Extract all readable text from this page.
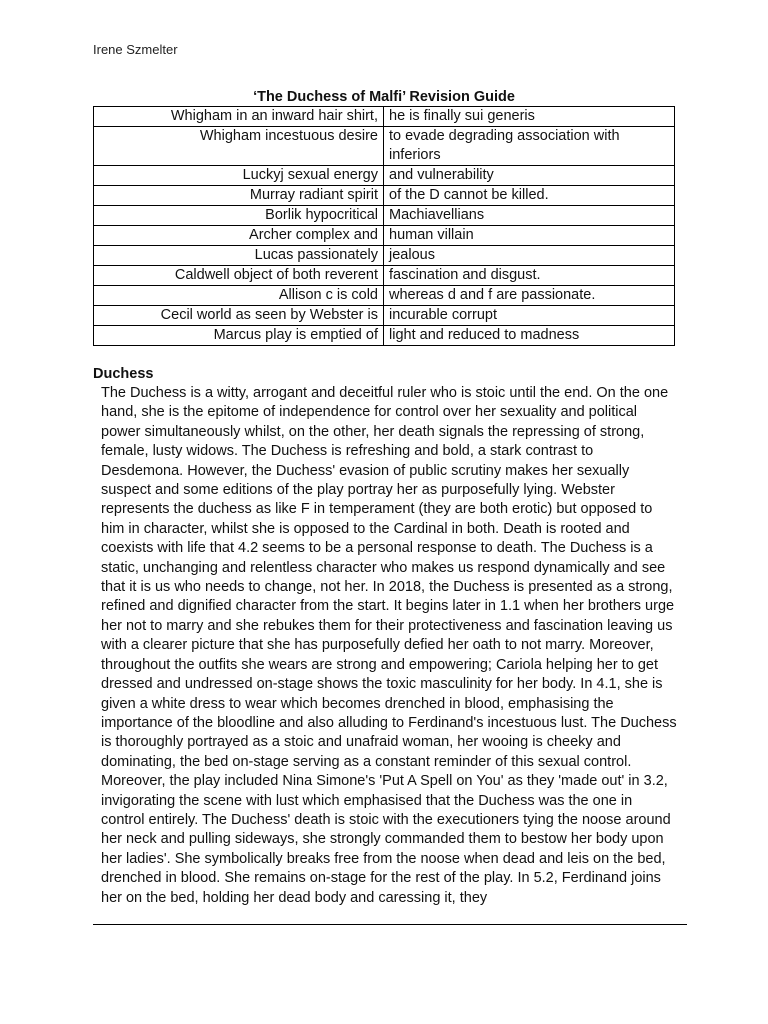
Irene Szmelter
‘The Duchess of Malfi’ Revision Guide
Whigham in an inward hair shirt,	he is finally sui generis
Whigham incestuous desire	to evade degrading association with inferiors
Luckyj sexual energy	and vulnerability
Murray radiant spirit	of the D cannot be killed.
Borlik hypocritical	Machiavellians
Archer complex and	human villain
Lucas passionately	jealous
Caldwell object of both reverent	fascination and disgust.
Allison c is cold	whereas d and f are passionate.
Cecil world as seen by Webster is	incurable corrupt
Marcus play is emptied of	light and reduced to madness
Duchess
The Duchess is a witty, arrogant and deceitful ruler who is stoic until the end. On the one hand, she is the epitome of independence for control over her sexuality and political power simultaneously whilst, on the other, her death signals the repressing of strong, female, lusty widows. The Duchess is refreshing and bold, a stark contrast to Desdemona. However, the Duchess' evasion of public scrutiny makes her sexually suspect and some editions of the play portray her as purposefully lying. Webster represents the duchess as like F in temperament (they are both erotic) but opposed to him in character, whilst she is opposed to the Cardinal in both. Death is rooted and coexists with life that 4.2 seems to be a personal response to death. The Duchess is a static, unchanging and relentless character who makes us respond dynamically and see that it is us who needs to change, not her. In 2018, the Duchess is presented as a strong, refined and dignified character from the start. It begins later in 1.1 when her brothers urge her not to marry and she rebukes them for their protectiveness and fascination leaving us with a clearer picture that she has purposefully defied her oath to not marry. Moreover, throughout the outfits she wears are strong and empowering; Cariola helping her to get dressed and undressed on-stage shows the toxic masculinity for her body. In 4.1, she is given a white dress to wear which becomes drenched in blood, emphasising the importance of the bloodline and also alluding to Ferdinand's incestuous lust. The Duchess is thoroughly portrayed as a stoic and unafraid woman, her wooing is cheeky and dominating, the bed on-stage serving as a constant reminder of this sexual control. Moreover, the play included Nina Simone's 'Put A Spell on You' as they 'made out' in 3.2, invigorating the scene with lust which emphasised that the Duchess was the one in control entirely. The Duchess' death is stoic with the executioners tying the noose around her neck and pulling sideways, she strongly commanded them to bestow her body upon her ladies'. She symbolically breaks free from the noose when dead and leis on the bed, drenched in blood. She remains on-stage for the rest of the play. In 5.2, Ferdinand joins her on the bed, holding her dead body and caressing it, they
